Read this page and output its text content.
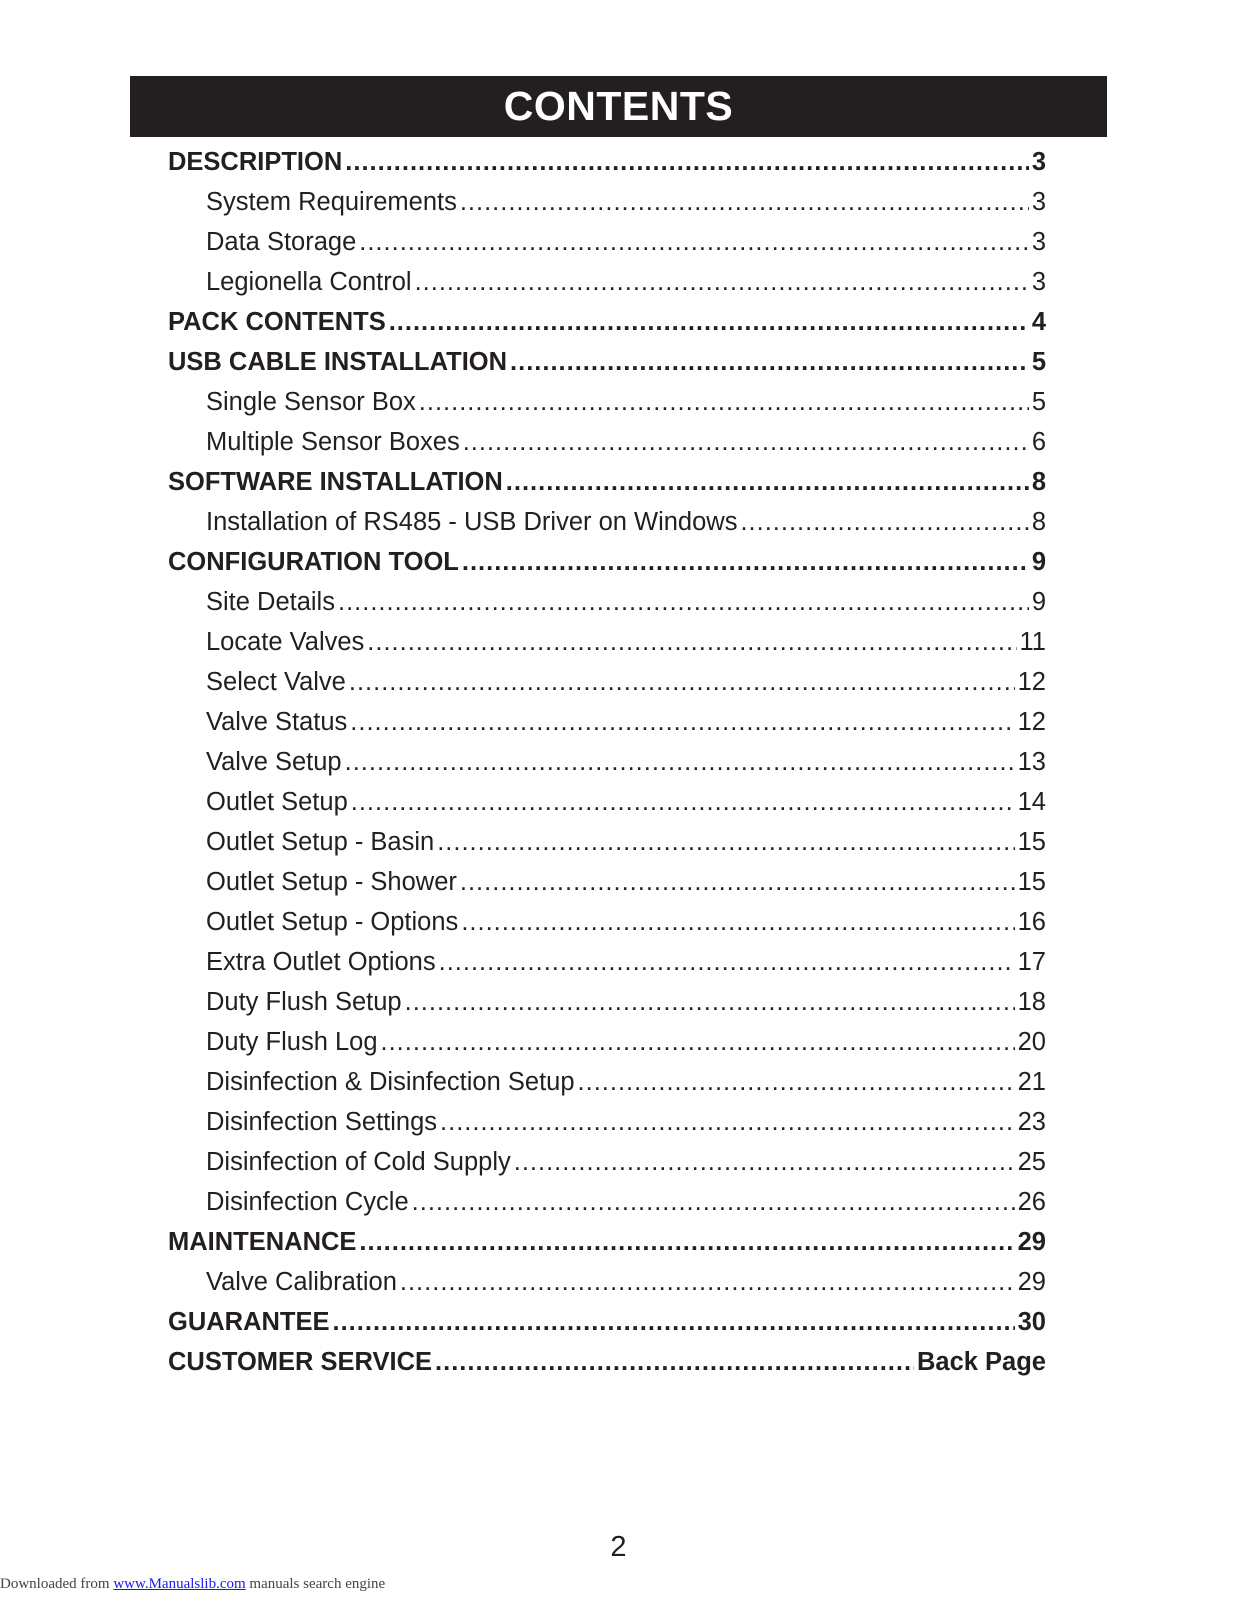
CONTENTS
DESCRIPTION .....	3
System Requirements .....	3
Data Storage .....	3
Legionella Control .....	3
PACK CONTENTS .....	4
USB CABLE INSTALLATION .....	5
Single Sensor Box .....	5
Multiple Sensor Boxes .....	6
SOFTWARE INSTALLATION .....	8
Installation of RS485 - USB Driver on Windows .....	8
CONFIGURATION TOOL .....	9
Site Details .....	9
Locate Valves .....	11
Select Valve .....	12
Valve Status .....	12
Valve Setup .....	13
Outlet Setup .....	14
Outlet Setup - Basin .....	15
Outlet Setup - Shower .....	15
Outlet Setup - Options .....	16
Extra Outlet Options .....	17
Duty Flush Setup .....	18
Duty Flush Log .....	20
Disinfection & Disinfection Setup .....	21
Disinfection Settings .....	23
Disinfection of Cold Supply .....	25
Disinfection Cycle .....	26
MAINTENANCE .....	29
Valve Calibration .....	29
GUARANTEE .....	30
CUSTOMER SERVICE .....	Back Page
2
Downloaded from www.Manualslib.com manuals search engine
